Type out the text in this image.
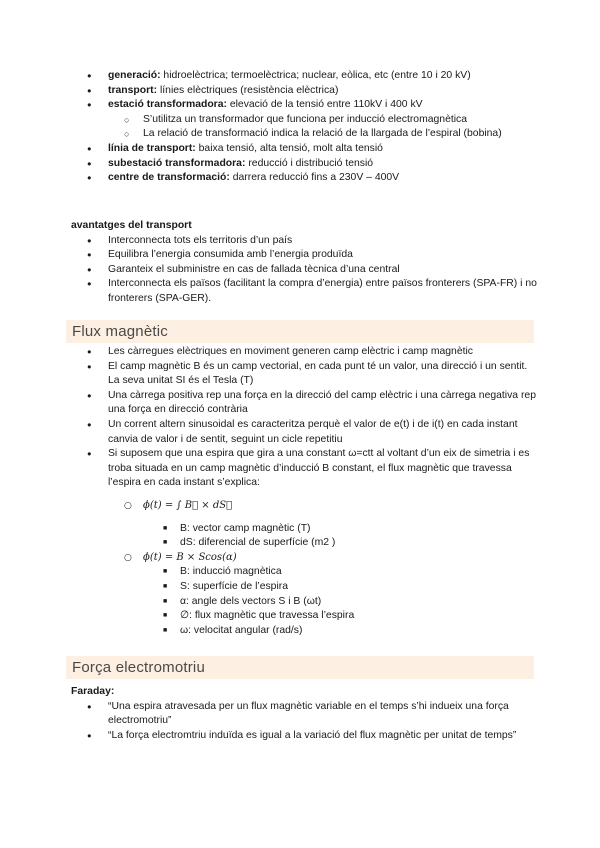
● generació: hidroelèctrica; termoelèctrica; nuclear, eòlica, etc (entre 10 i 20 kV)
● transport: línies elèctriques (resistència elèctrica)
● estació transformadora: elevació de la tensió entre 110kV i 400 kV
○ S’utilitza un transformador que funciona per inducció electromagnètica
○ La relació de transformació indica la relació de la llargada de l’espiral (bobina)
● línia de transport: baixa tensió, alta tensió, molt alta tensió
● subestació transformadora: reducció i distribució tensió
● centre de transformació: darrera reducció fins a 230V – 400V
avantatges del transport
● Interconnecta tots els territoris d’un país
● Equilibra l’energia consumida amb l’energia produïda
● Garanteix el subministre en cas de fallada tècnica d’una central
● Interconnecta els països (facilitant la compra d’energia) entre països fronterers (SPA-FR) i no fronterers (SPA-GER).
Flux magnètic
● Les càrregues elèctriques en moviment generen camp elèctric i camp magnètic
● El camp magnètic B és un camp vectorial, en cada punt té un valor, una direcció i un sentit. La seva unitat SI és el Tesla (T)
● Una càrrega positiva rep una força en la direcció del camp elèctric i una càrrega negativa rep una força en direcció contrària
● Un corrent altern sinusoidal es caracteritza perquè el valor de e(t) i de i(t) en cada instant canvia de valor i de sentit, seguint un cicle repetitiu
● Si suposem que una espira que gira a una constant ω=ctt al voltant d’un eix de simetria i es troba situada en un camp magnètic d’inducció B constant, el flux magnètic que travessa l’espira en cada instant s’explica:
○ ϕ(t) = ∫ B⃗ × dS⃗
■ B: vector camp magnètic (T)
■ dS: diferencial de superfície (m2 )
○ ϕ(t) = B × Scos(α)
■ B: inducció magnètica
■ S: superfície de l’espira
■ α: angle dels vectors S i B (ωt)
■ ∅: flux magnètic que travessa l’espira
■ ω: velocitat angular (rad/s)
Força electromotriu
Faraday:
● “Una espira atravesada per un flux magnètic variable en el temps s’hi indueix una força electromotriu”
● “La força electromtriu induïda es igual a la variació del flux magnètic per unitat de temps”
